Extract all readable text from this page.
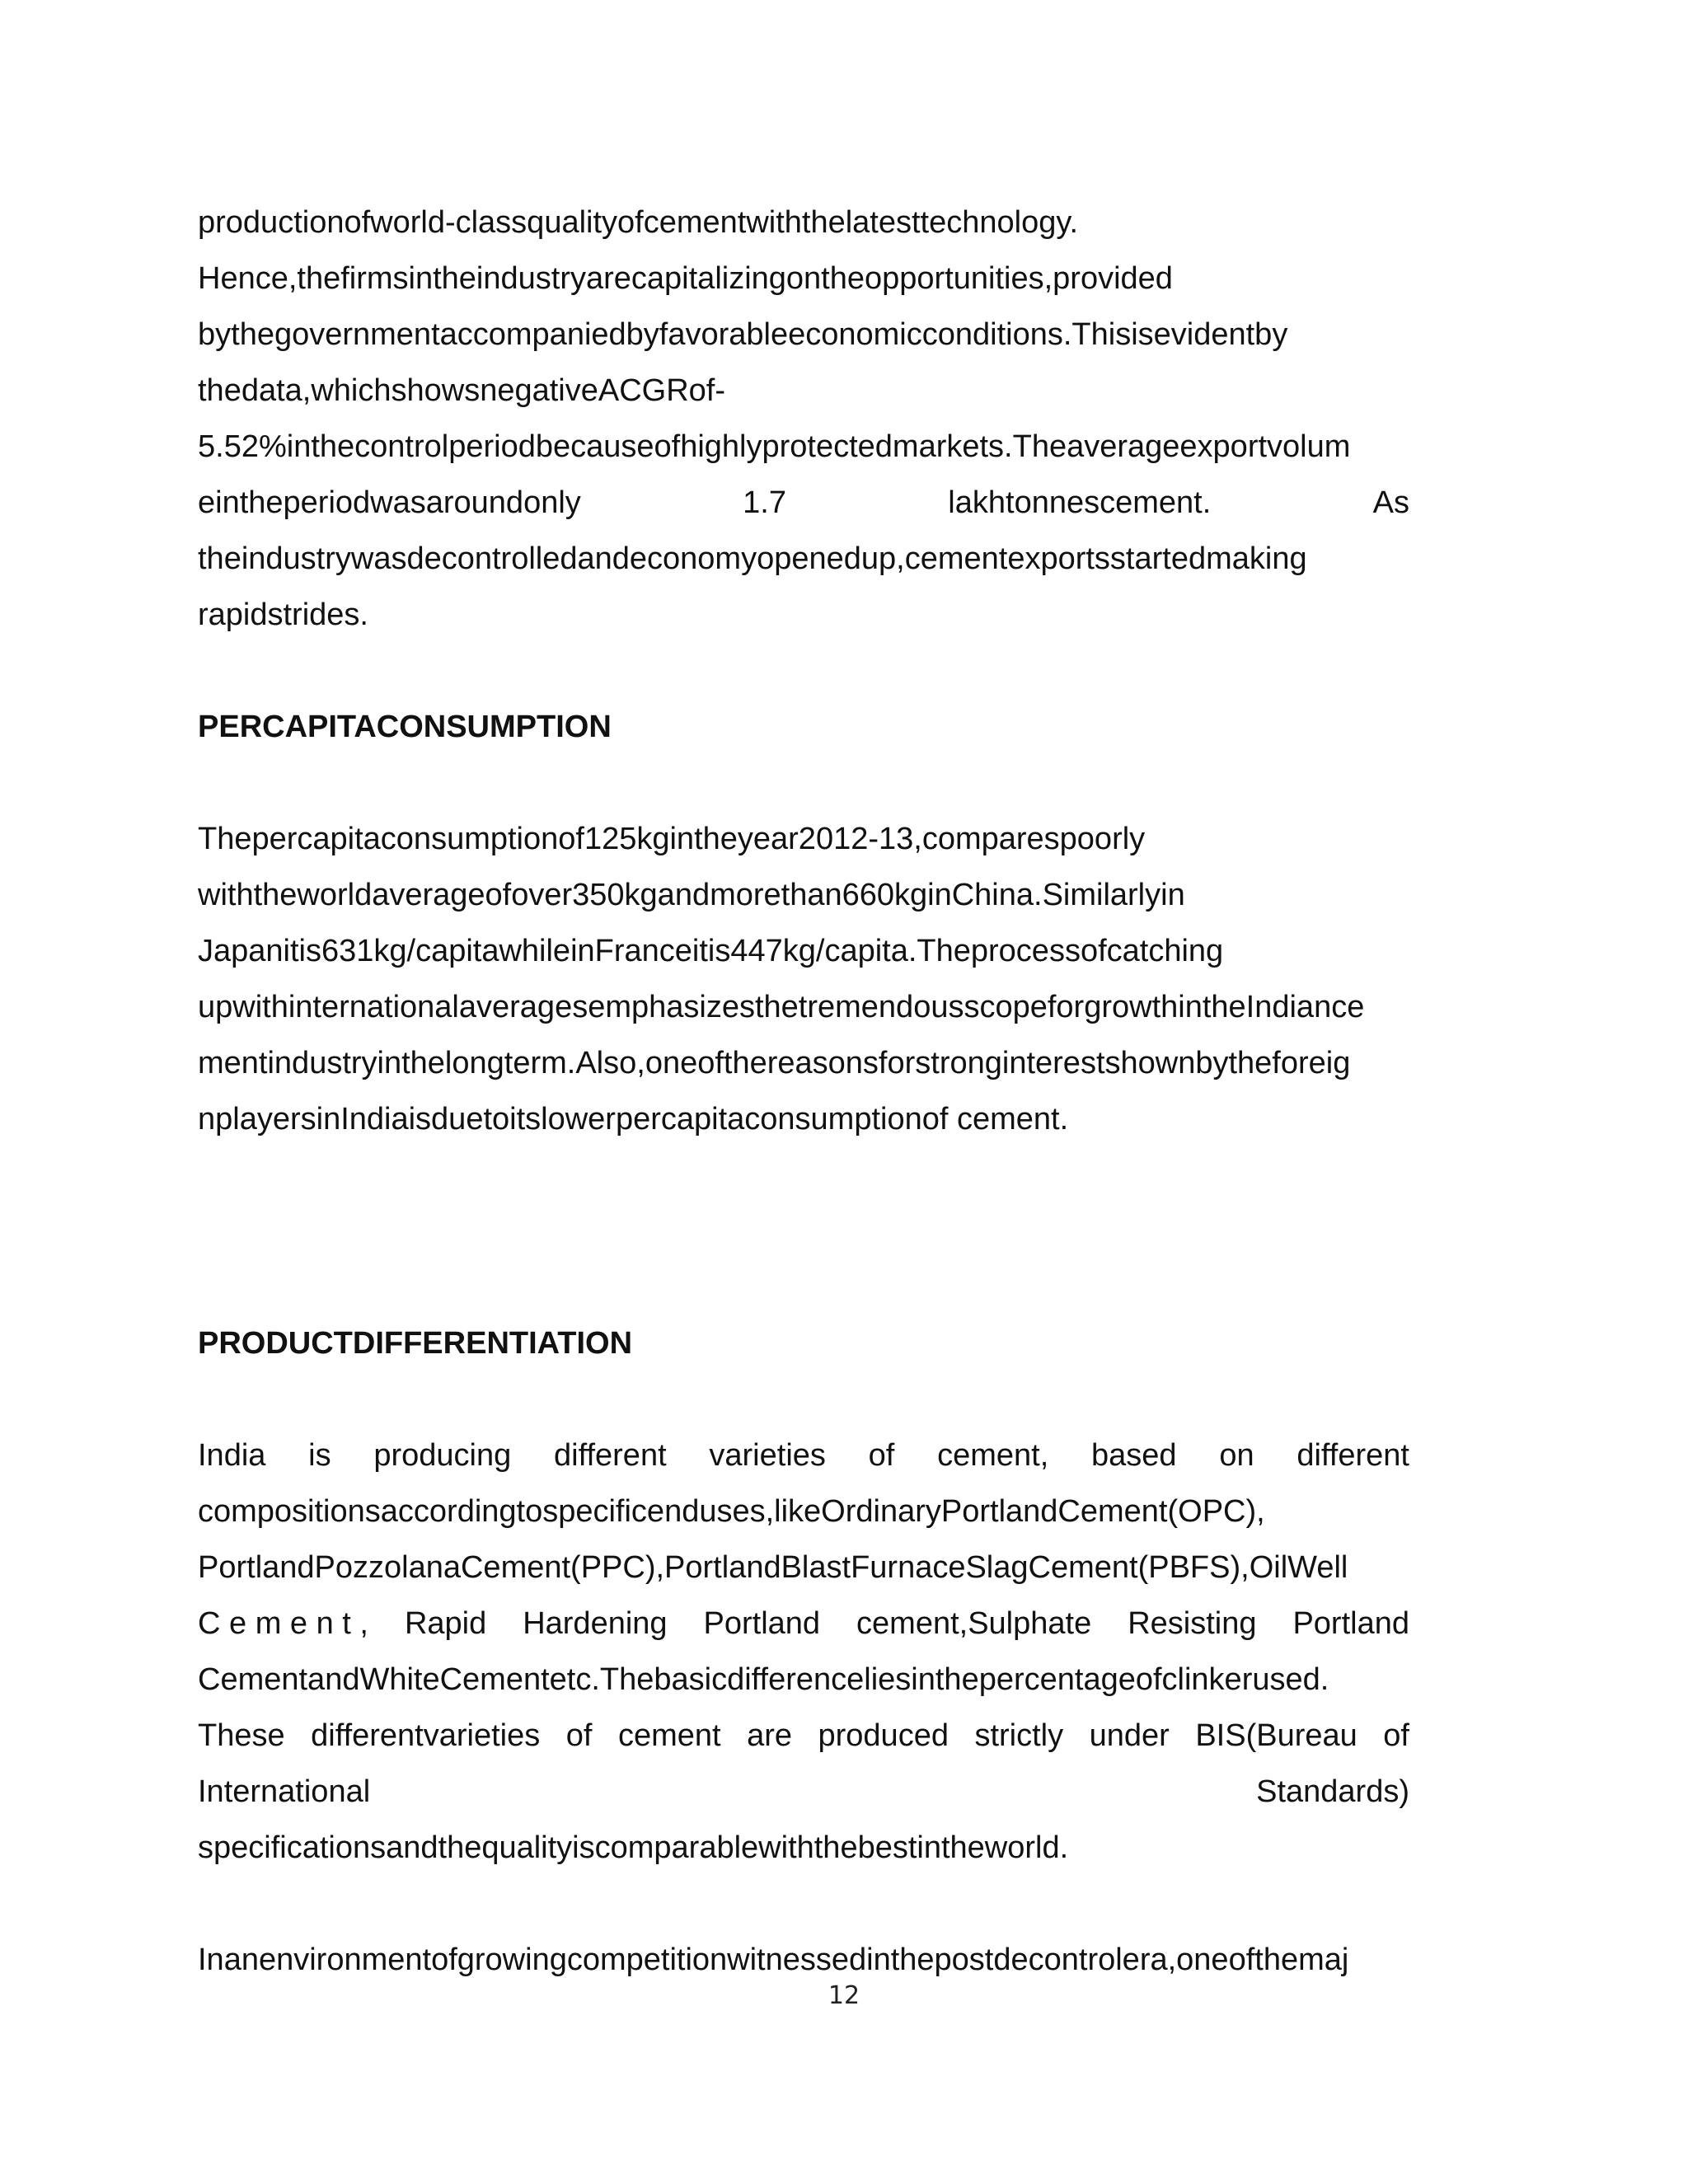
productionofworld-classqualityofcementwiththelatesttechnology.
Hence,thefirmsintheindustryarecapitalizingontheopportunities,provided
bythegovernmentaccompaniedbyfavorableeconomicconditions.Thisisevidentby
thedata,whichshowsnegativeACGRof-
5.52%inthecontrolperiodbecauseofhighlyprotectedmarkets.Theaverageexportvolum
eintheperiodwasaroundonly	1.7	lakhtonnescement.	As
theindustrywasdecontrolledandeconomyopenedup,cementexportsstartedmaking
rapidstrides.
PERCAPITACONSUMPTION
Thepercapitaconsumptionof125kgintheyear2012-13,comparespoorly
withtheworldaverageofover350kgandmorethan660kginChina.Similarlyin
Japanitis631kg/capitawhileinFranceitis447kg/capita.Theprocessofcatching
upwithinternationalaveragesemphasizesthetremendousscopeforgrowthintheIndiance
mentindustryinthelongterm.Also,oneofthereasonsforstronginterestshownbytheforeig
nplayersinIndiaisduetoitslowerpercapitaconsumptionof cement.
PRODUCTDIFFERENTIATION
India is producing different varieties of cement, based on different
compositionsaccordingtospecificenduses,likeOrdinaryPortlandCement(OPC),
PortlandPozzolanaCement(PPC),PortlandBlastFurnaceSlagCement(PBFS),OilWell
C e m e n t , Rapid Hardening Portland cement,Sulphate Resisting Portland
CementandWhiteCementetc.Thebasicdifferenceliesinthepercentageofclinkerused.
These differentvarieties of cement are produced strictly under BIS(Bureau of
International	Standards)
specificationsandthequalityiscomparablewiththebestintheworld.
Inanenvironmentofgrowingcompetitionwitnessedinthepostdecontrolera,oneofthemaj
12
